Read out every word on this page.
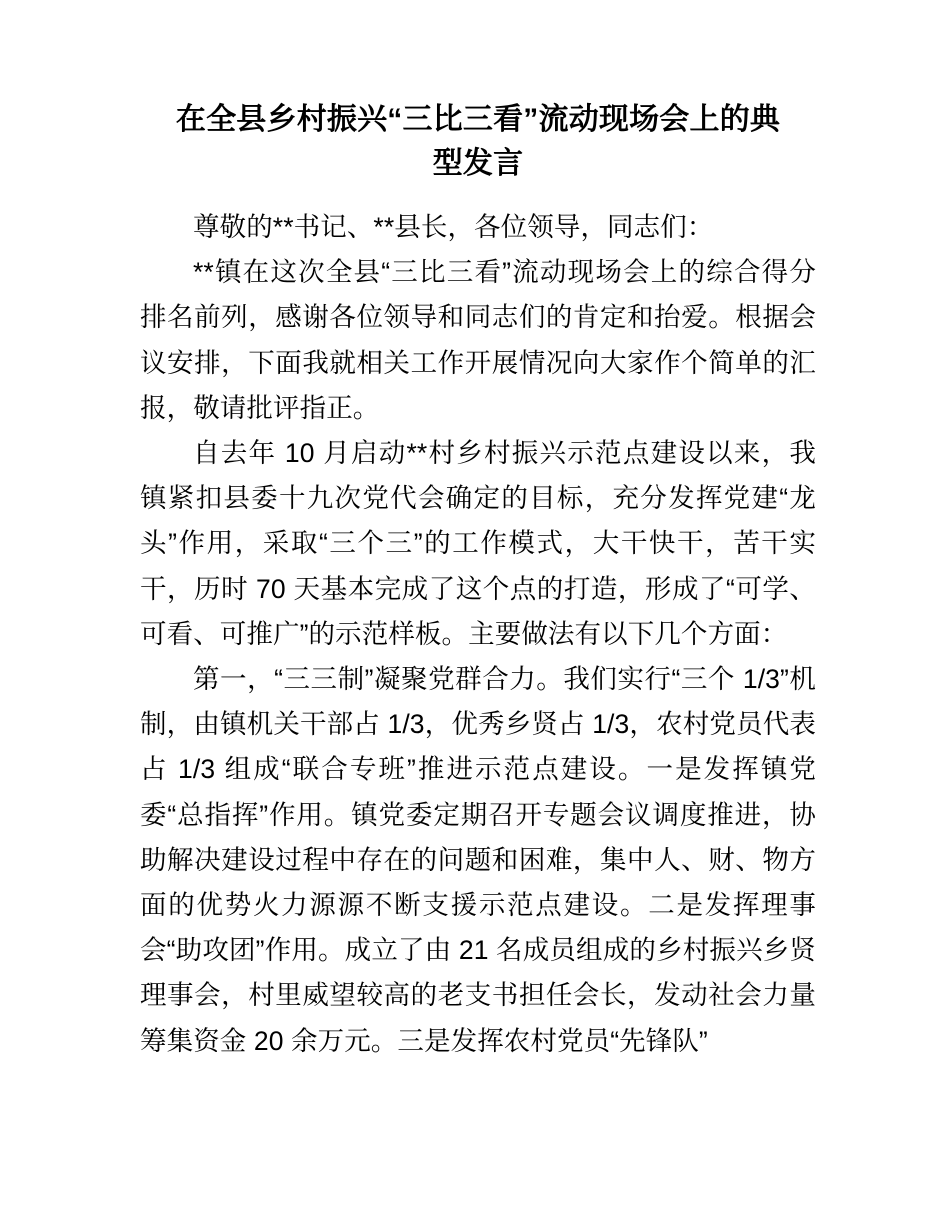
在全县乡村振兴“三比三看”流动现场会上的典
型发言

尊敬的**书记、**县长，各位领导，同志们：

**镇在这次全县“三比三看”流动现场会上的综合得分排名前列，感谢各位领导和同志们的肯定和抬爱。根据会议安排，下面我就相关工作开展情况向大家作个简单的汇报，敬请批评指正。

自去年 10 月启动**村乡村振兴示范点建设以来，我镇紧扣县委十九次党代会确定的目标，充分发挥党建“龙头”作用，采取“三个三”的工作模式，大干快干，苦干实干，历时 70 天基本完成了这个点的打造，形成了“可学、可看、可推广”的示范样板。主要做法有以下几个方面：

第一，“三三制”凝聚党群合力。我们实行“三个 1/3”机制，由镇机关干部占 1/3，优秀乡贤占 1/3，农村党员代表占 1/3 组成“联合专班”推进示范点建设。一是发挥镇党委“总指挥”作用。镇党委定期召开专题会议调度推进，协助解决建设过程中存在的问题和困难，集中人、财、物方面的优势火力源源不断支援示范点建设。二是发挥理事会“助攻团”作用。成立了由 21 名成员组成的乡村振兴乡贤理事会，村里威望较高的老支书担任会长，发动社会力量筹集资金 20 余万元。三是发挥农村党员“先锋队”
